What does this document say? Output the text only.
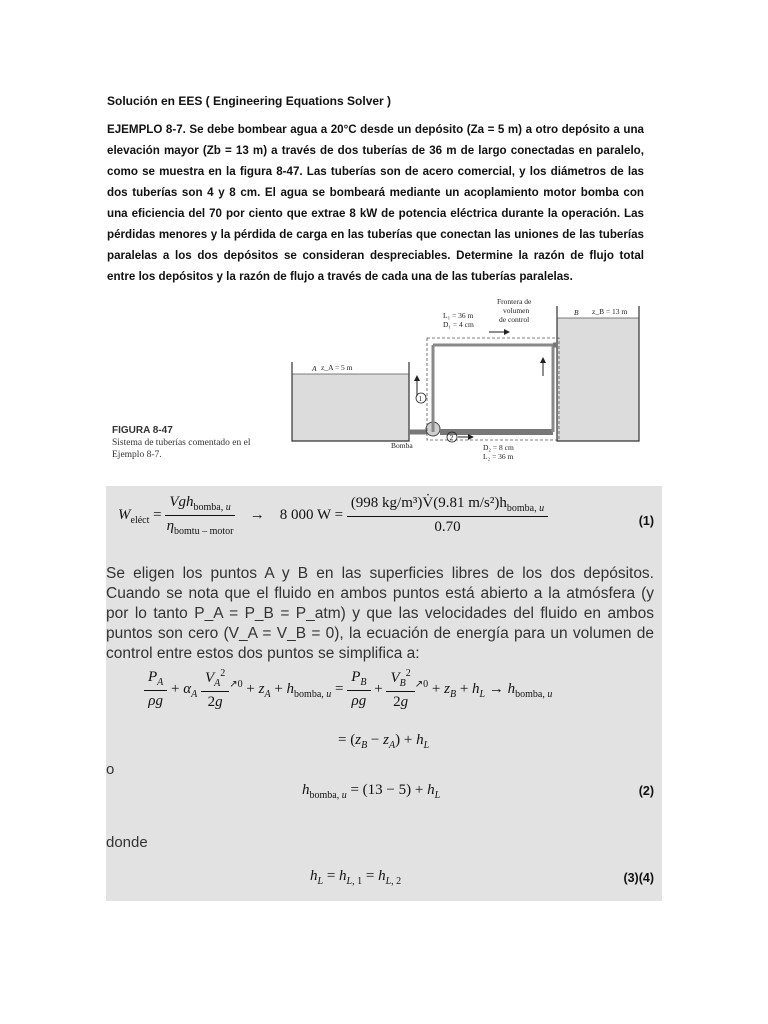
Solución en EES ( Engineering Equations Solver )
EJEMPLO 8-7. Se debe bombear agua a 20°C desde un depósito (Za = 5 m) a otro depósito a una elevación mayor (Zb = 13 m) a través de dos tuberías de 36 m de largo conectadas en paralelo, como se muestra en la figura 8-47. Las tuberías son de acero comercial, y los diámetros de las dos tuberías son 4 y 8 cm. El agua se bombeará mediante un acoplamiento motor bomba con una eficiencia del 70 por ciento que extrae 8 kW de potencia eléctrica durante la operación. Las pérdidas menores y la pérdida de carga en las tuberías que conectan las uniones de las tuberías paralelas a los dos depósitos se consideran despreciables. Determine la razón de flujo total entre los depósitos y la razón de flujo a través de cada una de las tuberías paralelas.
FIGURA 8-47
Sistema de tuberías comentado en el Ejemplo 8-7.
A z_A = 5 m
B z_B = 13 m
L₁ = 36 m
D₁ = 4 cm
Frontera de
volumen
de control
1
2
Bomba	D₂ = 8 cm
L₂ = 36 m
$W_{eléct} = \frac{Vgh_{bomba, u}}{\eta_{bomtu - motor}}$ →    8 000 $W = \frac{(998 kg/m^3)V̇(9.81 m/s^2)h_{bomba, u}}{0.70}$	(1)
Se eligen los puntos A y B en las superficies libres de los dos depósitos. Cuando se nota que el fluido en ambos puntos está abierto a la atmósfera (y por lo tanto P_A = P_B = P_atm) y que las velocidades del fluido en ambos puntos son cero (V_A = V_B = 0), la ecuación de energía para un volumen de control entre estos dos puntos se simplifica a:
$\frac{P_A}{\rho g} + \alpha_A \frac{V_A^2}{2g} ^{↗0} + z_A + h_{bomba, u} = \frac{P_B}{\rho g} + \frac{V_B^2}{2g} ^{↗0} + z_B + h_L \to h_{bomba, u}$
= $(z_B - z_A) + h_L$
o
$h_{bomba, u} = (13 - 5) + h_L$	(2)
donde
$h_L = h_{L, 1} = h_{L, 2}$	(3)(4)
